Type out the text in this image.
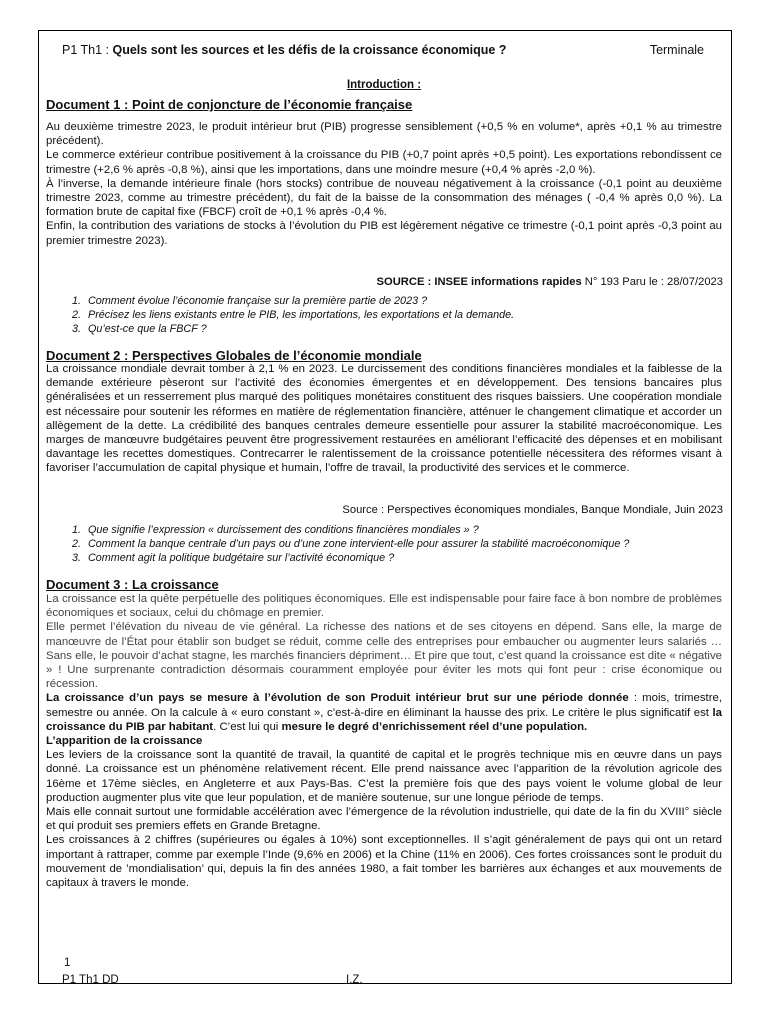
P1 Th1 : Quels sont les sources et les défis de la croissance économique ?	Terminale
Introduction :
Document 1 : Point de conjoncture de l’économie française

Au deuxième trimestre 2023, le produit intérieur brut (PIB) progresse sensiblement (+0,5 % en volume*, après +0,1 % au trimestre précédent).

Le commerce extérieur contribue positivement à la croissance du PIB (+0,7 point après +0,5 point). Les exportations rebondissent ce trimestre (+2,6 % après -0,8 %), ainsi que les importations, dans une moindre mesure (+0,4 % après -2,0 %).

À l’inverse, la demande intérieure finale (hors stocks) contribue de nouveau négativement à la croissance (-0,1 point au deuxième trimestre 2023, comme au trimestre précédent), du fait de la baisse de la consommation des ménages ( -0,4 % après 0,0 %). La formation brute de capital fixe (FBCF) croît de +0,1 % après -0,4 %.

Enfin, la contribution des variations de stocks à l’évolution du PIB est légèrement négative ce trimestre (-0,1 point après -0,3 point au premier trimestre 2023).

SOURCE : INSEE informations rapides N° 193 Paru le : 28/07/2023
1. Comment évolue l’économie française sur la première partie de 2023 ?
2. Précisez les liens existants entre le PIB, les importations, les exportations et la demande.
3. Qu’est-ce que la FBCF ?
Document 2 : Perspectives Globales de l’économie mondiale

La croissance mondiale devrait tomber à 2,1 % en 2023. Le durcissement des conditions financières mondiales et la faiblesse de la demande extérieure pèseront sur l’activité des économies émergentes et en développement. Des tensions bancaires plus généralisées et un resserrement plus marqué des politiques monétaires constituent des risques baissiers. Une coopération mondiale est nécessaire pour soutenir les réformes en matière de réglementation financière, atténuer le changement climatique et accorder un allègement de la dette. La crédibilité des banques centrales demeure essentielle pour assurer la stabilité macroéconomique. Les marges de manœuvre budgétaires peuvent être progressivement restaurées en améliorant l’efficacité des dépenses et en mobilisant davantage les recettes domestiques. Contrecarrer le ralentissement de la croissance potentielle nécessitera des réformes visant à favoriser l’accumulation de capital physique et humain, l’offre de travail, la productivité des services et le commerce.

Source : Perspectives économiques mondiales, Banque Mondiale, Juin 2023
1. Que signifie l’expression « durcissement des conditions financières mondiales » ?
2. Comment la banque centrale d’un pays ou d’une zone intervient-elle pour assurer la stabilité macroéconomique ?
3. Comment agit la politique budgétaire sur l’activité économique ?
Document 3 : La croissance

La croissance est la quête perpétuelle des politiques économiques. Elle est indispensable pour faire face à bon nombre de problèmes économiques et sociaux, celui du chômage en premier.

Elle permet l’élévation du niveau de vie général. La richesse des nations et de ses citoyens en dépend. Sans elle, la marge de manœuvre de l’État pour établir son budget se réduit, comme celle des entreprises pour embaucher ou augmenter leurs salariés … Sans elle, le pouvoir d’achat stagne, les marchés financiers dépriment… Et pire que tout, c’est quand la croissance est dite « négative » ! Une surprenante contradiction désormais couramment employée pour éviter les mots qui font peur : crise économique ou récession.

La croissance d’un pays se mesure à l’évolution de son Produit intérieur brut sur une période donnée : mois, trimestre, semestre ou année. On la calcule à « euro constant », c’est-à-dire en éliminant la hausse des prix. Le critère le plus significatif est la croissance du PIB par habitant. C’est lui qui mesure le degré d’enrichissement réel d’une population.

L’apparition de la croissance

Les leviers de la croissance sont la quantité de travail, la quantité de capital et le progrès technique mis en œuvre dans un pays donné. La croissance est un phénomène relativement récent. Elle prend naissance avec l’apparition de la révolution agricole des 16ème et 17ème siècles, en Angleterre et aux Pays-Bas. C’est la première fois que des pays voient le volume global de leur production augmenter plus vite que leur population, et de manière soutenue, sur une longue période de temps.

Mais elle connait surtout une formidable accélération avec l’émergence de la révolution industrielle, qui date de la fin du XVIII° siècle et qui produit ses premiers effets en Grande Bretagne.

Les croissances à 2 chiffres (supérieures ou égales à 10%) sont exceptionnelles. Il s’agit généralement de pays qui ont un retard important à rattraper, comme par exemple l’Inde (9,6% en 2006) et la Chine (11% en 2006). Ces fortes croissances sont le produit du mouvement de ’mondialisation’ qui, depuis la fin des années 1980, a fait tomber les barrières aux échanges et aux mouvements de capitaux à travers le monde.

1
P1 Th1 DD	I.Z.
